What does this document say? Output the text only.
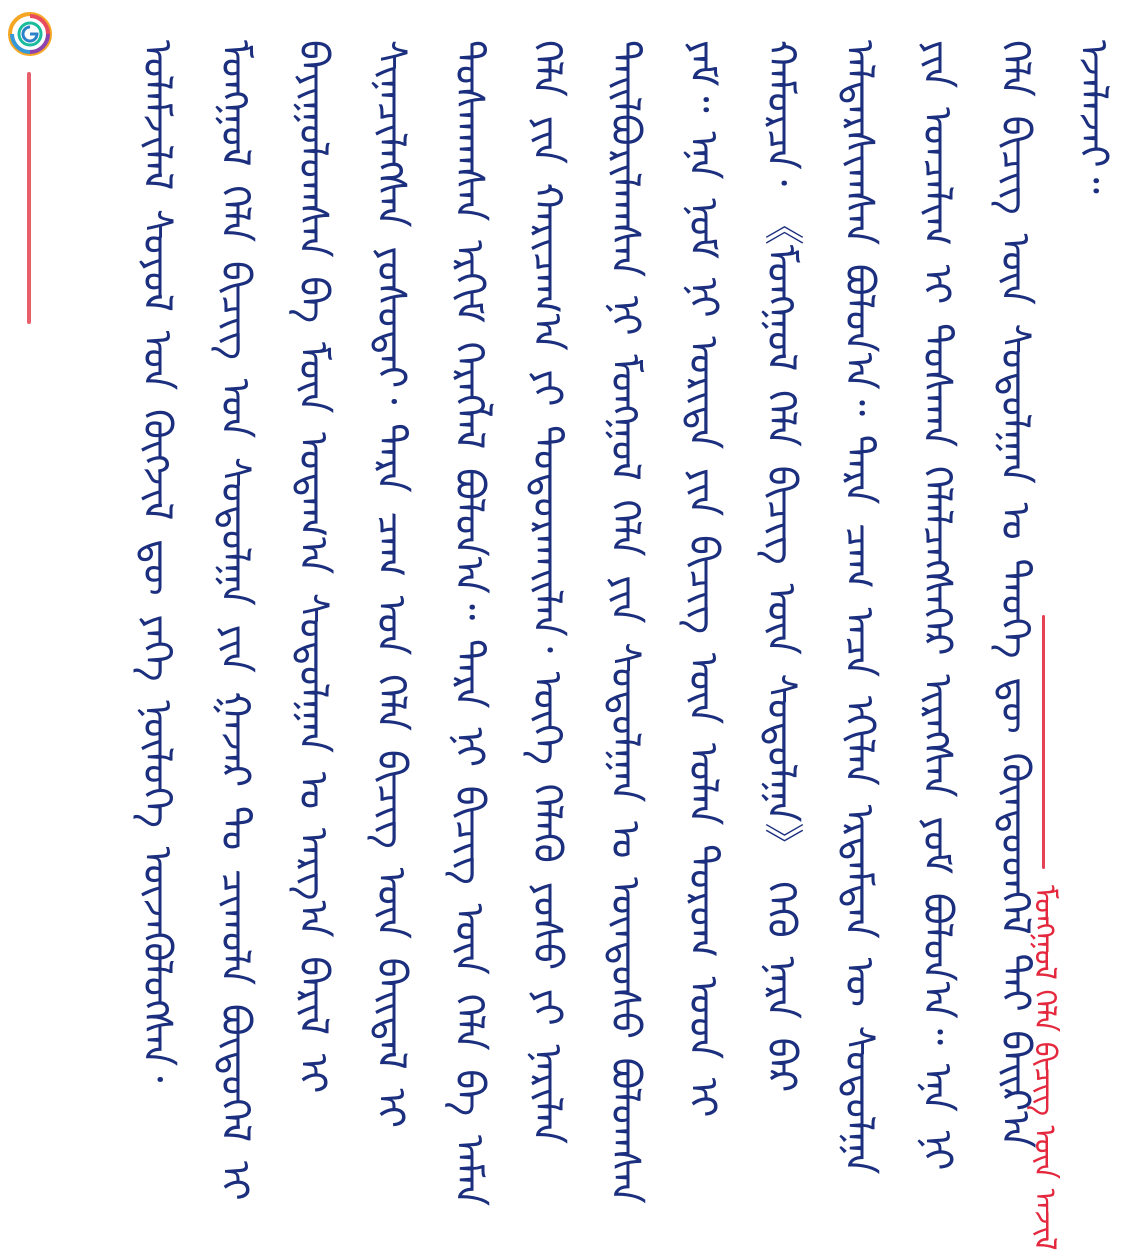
ᠮᠣᠩᠭᠣᠯ ᠬᠡᠯᠡ ᠪᠢᠴᠢᠭ ᠦᠨ ᠠᠵᠢᠯ
ᠤᠯᠠᠮᠵᠢᠯᠠᠯ ᠰᠤᠶᠤᠯ ᠤᠨ ᠬᠥᠭᠵᠢᠯ ᠳᠦ ᠶᠡᠬᠡ ᠨᠥᠯᠦᠭᠡ ᠦᠵᠡᠭᠦᠯᠦᠭᠰᠡᠨ᠂ ᠮᠣᠩᠭᠣᠯ ᠬᠡᠯᠡ ᠪᠢᠴᠢᠭ ᠤᠨ ᠰᠤᠳᠤᠯᠭᠠ ᠶᠢᠨ ᠭᠠᠵᠠᠷ ᠲᠤ ᠴᠢᠬᠤᠯᠠ ᠪᠦᠲᠦᠭᠡᠯ ᠢ ᠪᠠᠶᠢᠭᠤᠯᠤᠭᠰᠠᠨ ᠪᠠ ᠮᠥᠨ ᠤᠳᠠᠭ᠎ᠠ ᠰᠤᠳᠤᠯᠭᠠᠨ ᠤ ᠠᠷᠭ᠎ᠠ ᠪᠠᠷᠢᠯ ᠢ ᠰᠢᠨᠡᠴᠢᠯᠡᠭᠰᠡᠨ ᠶᠣᠰᠣᠲᠠᠢ᠂ ᠲᠡᠷᠡ ᠴᠠᠭ ᠤᠨ ᠬᠡᠯᠡ ᠪᠢᠴᠢᠭ ᠦᠨ ᠪᠠᠢᠳᠠᠯ ᠢ ᠲᠤᠰᠬᠠᠭᠰᠠᠨ ᠡᠷᠬᠢᠮ ᠬᠡᠷᠡᠭᠯᠡᠯ ᠪᠣᠯᠤᠨ᠎ᠠ᠃ ᠲᠡᠷᠡ ᠨᠢ ᠪᠢᠴᠢᠭ ᠦᠨ ᠬᠡᠯᠡ ᠪᠠ ᠠᠮᠠᠨ ᠬᠡᠯᠡ ᠶᠢᠨ ᠬᠠᠷᠢᠴᠠᠭ᠎ᠠ ᠶᠢ ᠲᠣᠳᠤᠷᠬᠠᠢᠯᠠᠨ᠂ ᠦᠭᠡ ᠬᠡᠯᠡᠬᠦ ᠶᠤᠰᠤ ᠶᠢ ᠨᠠᠷᠢᠯᠠᠨ ᠲᠠᠢᠯᠪᠤᠷᠢᠯᠠᠭᠰᠠᠨ ᠨᠢ ᠮᠣᠩᠭᠣᠯ ᠬᠡᠯᠡ ᠶᠢᠨ ᠰᠤᠳᠤᠯᠭᠠᠨ ᠤ ᠦᠨᠳᠦᠰᠦ ᠪᠣᠯᠤᠭᠰᠠᠨ ᠶᠠᠮ᠃ ᠡᠨᠡ ᠨᠣᠮ ᠨᠢ ᠤᠷᠢᠳᠠ ᠶᠢᠨ ᠪᠢᠴᠢᠭ ᠦᠨ ᠣᠯᠠᠨ ᠳᠣᠷᠤᠭ ᠤᠳ ᠢ ᠬᠠᠮᠤᠷᠴᠠ᠂ 《ᠮᠣᠩᠭᠣᠯ ᠬᠡᠯᠡ ᠪᠢᠴᠢᠭ ᠦᠨ ᠰᠤᠳᠤᠯᠭᠠ》 ᠭᠡᠬᠦ ᠨᠡᠷᠡ ᠪᠡᠷ ᠠᠯᠳᠠᠷᠰᠢᠭᠰᠠᠨ ᠪᠣᠯᠤᠨ᠎ᠠ᠃ ᠲᠡᠷᠡ ᠴᠠᠭ ᠠᠴᠠ ᠡᠬᠢᠯᠡᠨ ᠡᠷᠳᠡᠮᠲᠡᠨ ᠦ ᠰᠤᠳᠤᠯᠭᠠ ᠶᠢᠨ ᠣᠨᠴᠠᠯᠢᠭ ᠢ ᠲᠤᠰᠬᠠᠨ ᠬᠡᠯᠡᠯᠴᠡᠭᠰᠡᠭᠡᠷ ᠢᠷᠡᠭᠰᠡᠨ ᠶᠤᠮ ᠪᠣᠯᠤᠨ᠎ᠠ᠃ ᠡᠨᠡ ᠨᠢ ᠬᠡᠯᠡ ᠪᠢᠴᠢᠭ ᠦᠨ ᠰᠤᠳᠤᠯᠭᠠᠨ ᠤ ᠲᠡᠦᠬᠡ ᠳᠦ ᠬᠦᠨᠳᠦᠳᠬᠡᠯ ᠲᠠᠢ ᠪᠠᠢᠷ᠎ᠠ ᠡᠵᠡᠯᠡᠵᠡᠢ᠃
